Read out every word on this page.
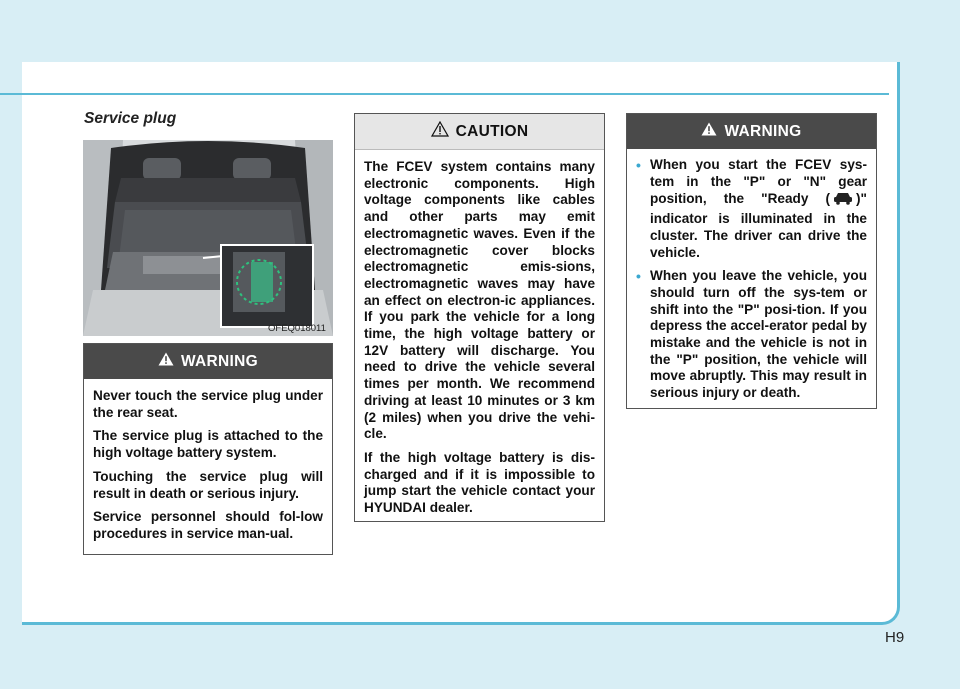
Service plug
OFEQ018011
WARNING

Never touch the service plug under the rear seat.

The service plug is attached to the high voltage battery system.

Touching the service plug will result in death or serious injury.

Service personnel should fol-low procedures in service man-ual.

CAUTION

The FCEV system contains many electronic components. High voltage components like cables and other parts may emit electromagnetic waves. Even if the electromagnetic cover blocks electromagnetic emis-sions, electromagnetic waves may have an effect on electron-ic appliances. If you park the vehicle for a long time, the high voltage battery or 12V battery will discharge. You need to drive the vehicle several times per month. We recommend driving at least 10 minutes or 3 km (2 miles) when you drive the vehi-cle.

If the high voltage battery is dis-charged and if it is impossible to jump start the vehicle contact your HYUNDAI dealer.

WARNING
• When you start the FCEV sys-tem in the "P" or "N" gear position, the "Ready ( )" indicator is illuminated in the cluster. The driver can drive the vehicle.
• When you leave the vehicle, you should turn off the sys-tem or shift into the "P" posi-tion. If you depress the accel-erator pedal by mistake and the vehicle is not in the "P" position, the vehicle will move abruptly. This may result in serious injury or death.
H9
